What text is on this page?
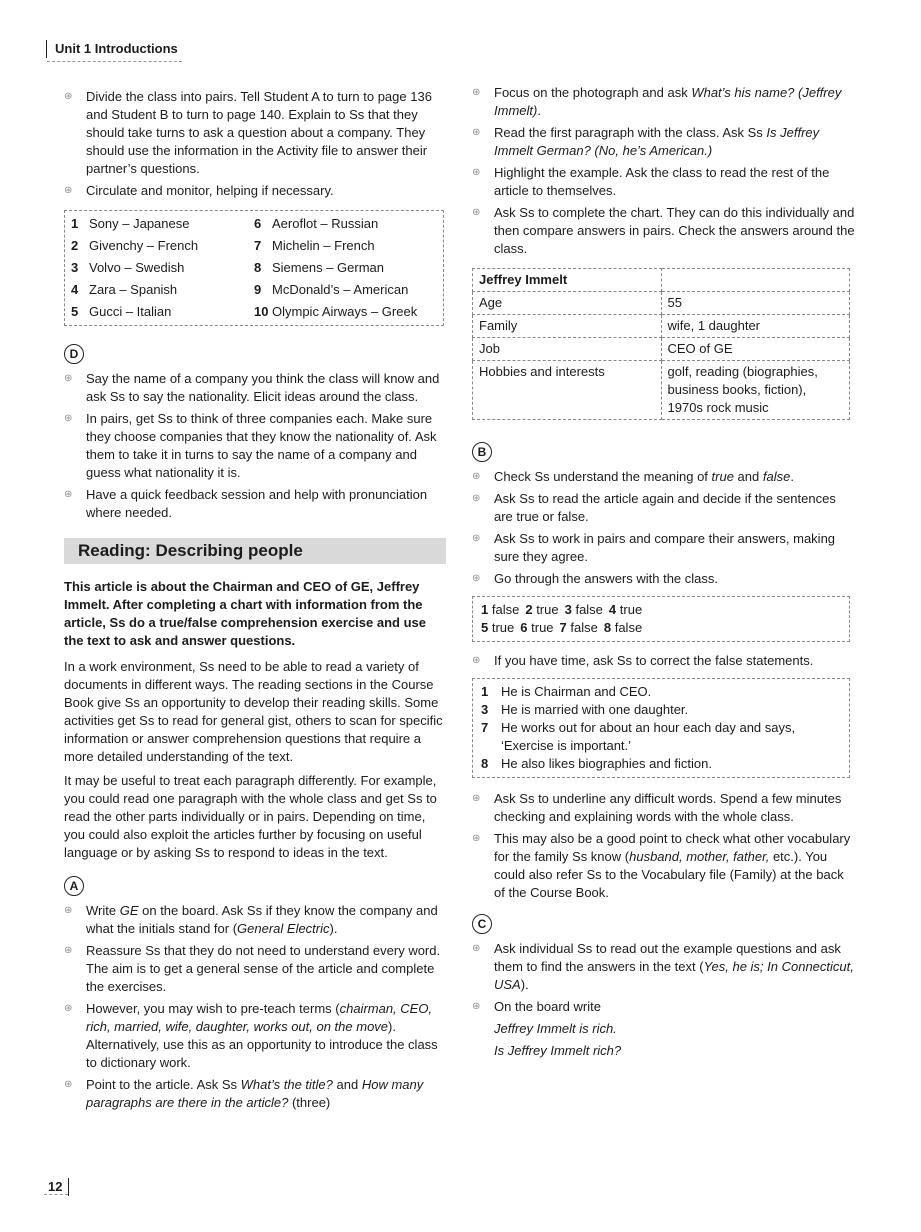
Unit 1 Introductions
⊛ Divide the class into pairs. Tell Student A to turn to page 136 and Student B to turn to page 140. Explain to Ss that they should take turns to ask a question about a company. They should use the information in the Activity file to answer their partner’s questions.
⊛ Circulate and monitor, helping if necessary.
1 Sony – Japanese	6 Aeroflot – Russian
2 Givenchy – French	7 Michelin – French
3 Volvo – Swedish	8 Siemens – German
4 Zara – Spanish	9 McDonald’s – American
5 Gucci – Italian	10 Olympic Airways – Greek
D
⊛ Say the name of a company you think the class will know and ask Ss to say the nationality. Elicit ideas around the class.
⊛ In pairs, get Ss to think of three companies each. Make sure they choose companies that they know the nationality of. Ask them to take it in turns to say the name of a company and guess what nationality it is.
⊛ Have a quick feedback session and help with pronunciation where needed.
Reading: Describing people

This article is about the Chairman and CEO of GE, Jeffrey Immelt. After completing a chart with information from the article, Ss do a true/false comprehension exercise and use the text to ask and answer questions.

In a work environment, Ss need to be able to read a variety of documents in different ways. The reading sections in the Course Book give Ss an opportunity to develop their reading skills. Some activities get Ss to read for general gist, others to scan for specific information or answer comprehension questions that require a more detailed understanding of the text.

It may be useful to treat each paragraph differently. For example, you could read one paragraph with the whole class and get Ss to read the other parts individually or in pairs. Depending on time, you could also exploit the articles further by focusing on useful language or by asking Ss to respond to ideas in the text.

A
⊛ Write GE on the board. Ask Ss if they know the company and what the initials stand for (General Electric).
⊛ Reassure Ss that they do not need to understand every word. The aim is to get a general sense of the article and complete the exercises.
⊛ However, you may wish to pre-teach terms (chairman, CEO, rich, married, wife, daughter, works out, on the move). Alternatively, use this as an opportunity to introduce the class to dictionary work.
⊛ Point to the article. Ask Ss What’s the title? and How many paragraphs are there in the article? (three)
⊛ Focus on the photograph and ask What’s his name? (Jeffrey Immelt).
⊛ Read the first paragraph with the class. Ask Ss Is Jeffrey Immelt German? (No, he’s American.)
⊛ Highlight the example. Ask the class to read the rest of the article to themselves.
⊛ Ask Ss to complete the chart. They can do this individually and then compare answers in pairs. Check the answers around the class.
Jeffrey Immelt	
Age	55
Family	wife, 1 daughter
Job	CEO of GE
Hobbies and interests	golf, reading (biographies, business books, fiction), 1970s rock music
B
⊛ Check Ss understand the meaning of true and false.
⊛ Ask Ss to read the article again and decide if the sentences are true or false.
⊛ Ask Ss to work in pairs and compare their answers, making sure they agree.
⊛ Go through the answers with the class.
1 false 2 true 3 false 4 true
5 true 6 true 7 false 8 false
⊛ If you have time, ask Ss to correct the false statements.
1 He is Chairman and CEO.
3 He is married with one daughter.
7 He works out for about an hour each day and says, ‘Exercise is important.’
8 He also likes biographies and fiction.
⊛ Ask Ss to underline any difficult words. Spend a few minutes checking and explaining words with the whole class.
⊛ This may also be a good point to check what other vocabulary for the family Ss know (husband, mother, father, etc.). You could also refer Ss to the Vocabulary file (Family) at the back of the Course Book.
C
⊛ Ask individual Ss to read out the example questions and ask them to find the answers in the text (Yes, he is; In Connecticut, USA).
⊛ On the board write
Jeffrey Immelt is rich.
Is Jeffrey Immelt rich?
12
